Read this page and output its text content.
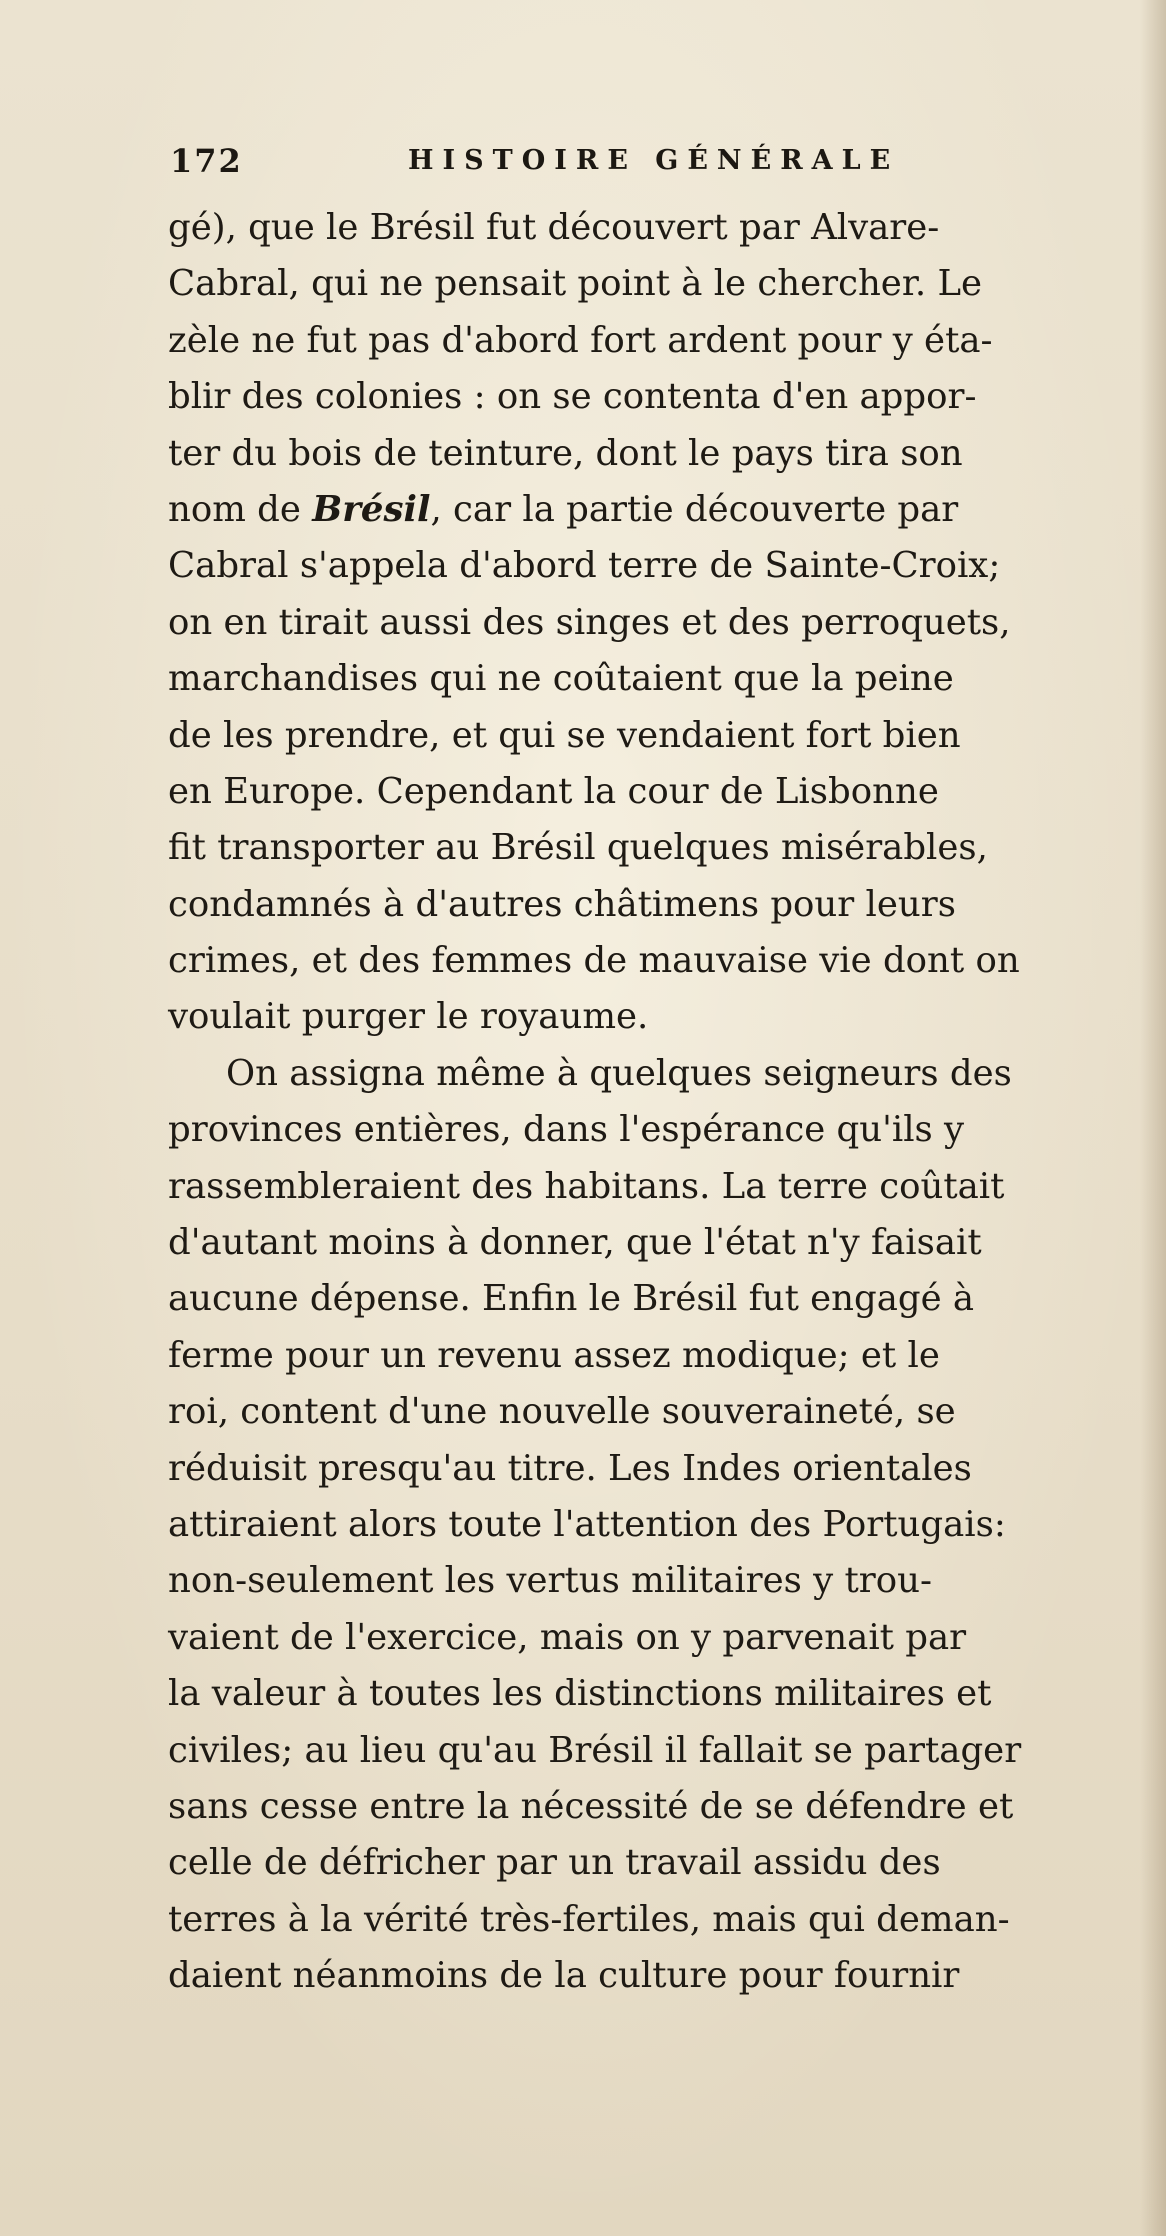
172	HISTOIRE GÉNÉRALE
gé), que le Brésil fut découvert par Alvare-
Cabral, qui ne pensait point à le chercher. Le
zèle ne fut pas d'abord fort ardent pour y éta-
blir des colonies : on se contenta d'en appor-
ter du bois de teinture, dont le pays tira son
nom de Brésil, car la partie découverte par
Cabral s'appela d'abord terre de Sainte-Croix;
on en tirait aussi des singes et des perroquets,
marchandises qui ne coûtaient que la peine
de les prendre, et qui se vendaient fort bien
en Europe. Cependant la cour de Lisbonne
fit transporter au Brésil quelques misérables,
condamnés à d'autres châtimens pour leurs
crimes, et des femmes de mauvaise vie dont on
voulait purger le royaume.
On assigna même à quelques seigneurs des
provinces entières, dans l'espérance qu'ils y
rassembleraient des habitans. La terre coûtait
d'autant moins à donner, que l'état n'y faisait
aucune dépense. Enfin le Brésil fut engagé à
ferme pour un revenu assez modique; et le
roi, content d'une nouvelle souveraineté, se
réduisit presqu'au titre. Les Indes orientales
attiraient alors toute l'attention des Portugais:
non-seulement les vertus militaires y trou-
vaient de l'exercice, mais on y parvenait par
la valeur à toutes les distinctions militaires et
civiles; au lieu qu'au Brésil il fallait se partager
sans cesse entre la nécessité de se défendre et
celle de défricher par un travail assidu des
terres à la vérité très-fertiles, mais qui deman-
daient néanmoins de la culture pour fournir
